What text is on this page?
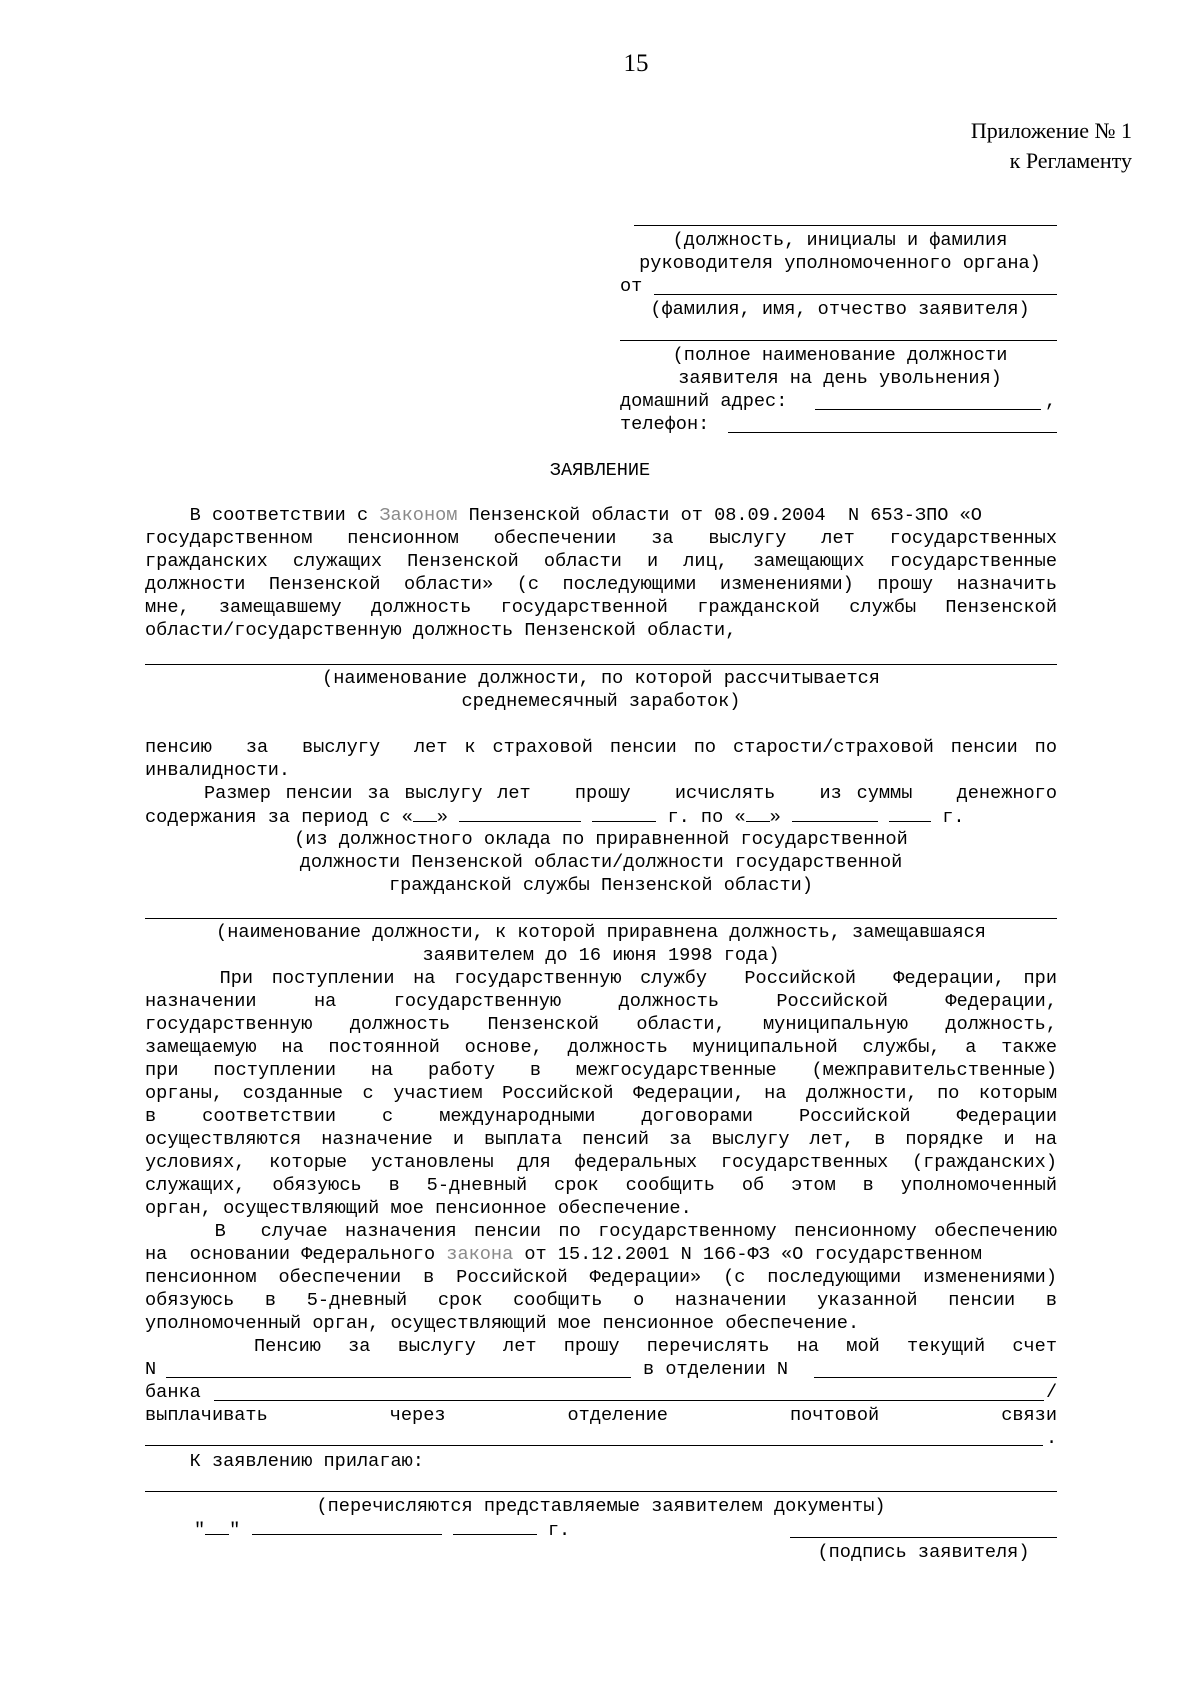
15
Приложение № 1
к Регламенту
(должность, инициалы и фамилия
руководителя уполномоченного органа)
от
(фамилия, имя, отчество заявителя)
(полное наименование должности
заявителя на день увольнения)
домашний адрес:	,
телефон:
ЗАЯВЛЕНИЕ
В соответствии с Законом Пензенской области от 08.09.2004  N 653-ЗПО «О
государственном пенсионном обеспечении за выслугу лет государственных
гражданских служащих Пензенской области и лиц, замещающих государственные
должности Пензенской области» (с последующими изменениями) прошу назначить
мне, замещавшему должность государственной гражданской службы Пензенской
области/государственную должность Пензенской области,
(наименование должности, по которой рассчитывается
среднемесячный заработок)
пенсию  за  выслугу  лет к страховой пенсии по старости/страховой пенсии по
инвалидности.
Размер пенсии за выслугу лет   прошу   исчислять   из суммы   денежного
содержания за период с « »	г. по « »	г.
(из должностного оклада по приравненной государственной
должности Пензенской области/должности государственной
гражданской службы Пензенской области)
(наименование должности, к которой приравнена должность, замещавшаяся
заявителем до 16 июня 1998 года)
При поступлении на государственную службу  Российской  Федерации, при
назначении на государственную должность Российской Федерации,
государственную должность Пензенской области, муниципальную должность,
замещаемую на постоянной основе, должность муниципальной службы, а также
при поступлении на работу в межгосударственные (межправительственные)
органы, созданные с участием Российской Федерации, на должности, по которым
в соответствии с международными договорами Российской Федерации
осуществляются назначение и выплата пенсий за выслугу лет, в порядке и на
условиях, которые установлены для федеральных государственных (гражданских)
служащих, обязуюсь в 5-дневный срок сообщить об этом в уполномоченный
орган, осуществляющий мое пенсионное обеспечение.
В  случае назначения пенсии по государственному пенсионному обеспечению
на  основании Федерального закона от 15.12.2001 N 166-ФЗ «О государственном
пенсионном обеспечении в Российской Федерации» (с последующими изменениями)
обязуюсь в 5-дневный срок сообщить о назначении указанной пенсии в
уполномоченный орган, осуществляющий мое пенсионное обеспечение.
Пенсию за выслугу лет прошу перечислять на мой текущий счет
N	в отделении N
банка	/
выплачивать через отделение почтовой связи
.
К заявлению прилагаю:
(перечисляются представляемые заявителем документы)
" "	г.
(подпись заявителя)
